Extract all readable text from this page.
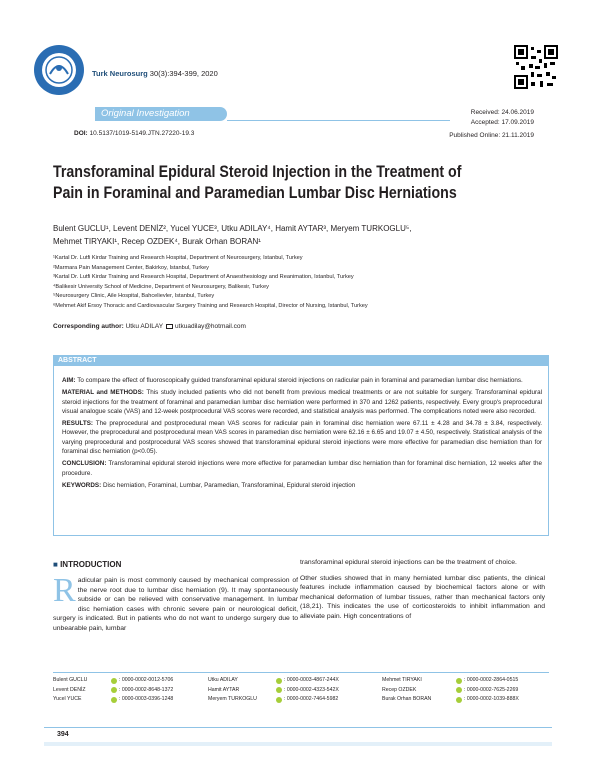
Turk Neurosurg 30(3):394-399, 2020
Original Investigation
DOI: 10.5137/1019-5149.JTN.27220-19.3
Received: 24.06.2019
Accepted: 17.09.2019
Published Online: 21.11.2019
Transforaminal Epidural Steroid Injection in the Treatment of
Pain in Foraminal and Paramedian Lumbar Disc Herniations
Bulent GUCLU¹, Levent DENİZ², Yucel YUCE³, Utku ADILAY⁴, Hamit AYTAR³, Meryem TURKOGLU⁵,
Mehmet TIRYAKI¹, Recep OZDEK⁴, Burak Orhan BORAN¹
¹Kartal Dr. Lutfi Kirdar Training and Research Hospital, Department of Neurosurgery, Istanbul, Turkey
²Marmara Pain Management Center, Bakirkoy, Istanbul, Turkey
³Kartal Dr. Lutfi Kirdar Training and Research Hospital, Department of Anaesthesiology and Reanimation, Istanbul, Turkey
⁴Balikesir University School of Medicine, Department of Neurosurgery, Balikesir, Turkey
⁵Neurosurgery Clinic, Aile Hospital, Bahcelievler, Istanbul, Turkey
⁶Mehmet Akif Ersoy Thoracic and Cardiovascular Surgery Training and Research Hospital, Director of Nursing, Istanbul, Turkey
Corresponding author: Utku ADILAY utkuadilay@hotmail.com
ABSTRACT

AIM: To compare the effect of fluoroscopically guided transforaminal epidural steroid injections on radicular pain in foraminal and paramedian lumbar disc herniations.

MATERIAL and METHODS: This study included patients who did not benefit from previous medical treatments or are not suitable for surgery. Transforaminal epidural steroid injections for the treatment of foraminal and paramedian lumbar disc herniation were performed in 370 and 1262 patients, respectively. Every group's preprocedural visual analogue scale (VAS) and 12-week postprocedural VAS scores were recorded, and statistical analysis was performed. The complications noted were also recorded.

RESULTS: The preprocedural and postprocedural mean VAS scores for radicular pain in foraminal disc herniation were 67.11 ± 4.28 and 34.78 ± 3.84, respectively. However, the preprocedural and postprocedural mean VAS scores in paramedian disc herniation were 62.16 ± 6.65 and 19.07 ± 4.50, respectively. Statistical analysis of the varying preprocedural and postprocedural VAS scores showed that transforaminal epidural steroid injections were more effective for paramedian disc herniation than for foraminal disc herniation (p<0.05).

CONCLUSION: Transforaminal epidural steroid injections were more effective for paramedian lumbar disc herniation than for foraminal disc herniation, 12 weeks after the procedure.

KEYWORDS: Disc herniation, Foraminal, Lumbar, Paramedian, Transforaminal, Epidural steroid injection

■ INTRODUCTION
Radicular pain is most commonly caused by mechanical compression of the nerve root due to lumbar disc herniation (9). It may spontaneously subside or can be relieved with conservative management. In lumbar disc herniation cases with chronic severe pain or neurological deficit, surgery is indicated. But in patients who do not want to undergo surgery due to unbearable pain, lumbar

transforaminal epidural steroid injections can be the treatment of choice.

Other studies showed that in many herniated lumbar disc patients, the clinical features include inflammation caused by biochemical factors alone or with mechanical deformation of lumbar tissues, rather than mechanical factors only (18,21). This indicates the use of corticosteroids to inhibit inflammation and alleviate pain. High concentrations of

Bulent GUCLU	: 0000-0002-0012-5706
Levent DENİZ	: 0000-0002-8648-1372
Yucel YUCE	: 0000-0003-0396-1248
Utku ADILAY	: 0000-0003-4867-244X
Hamit AYTAR	: 0000-0002-4323-542X
Meryem TURKOGLU	: 0000-0002-7464-5982
Mehmet TIRYAKI	: 0000-0002-2864-0515
Recep OZDEK	: 0000-0002-7625-2269
Burak Orhan BORAN	: 0000-0002-1039-888X
394
